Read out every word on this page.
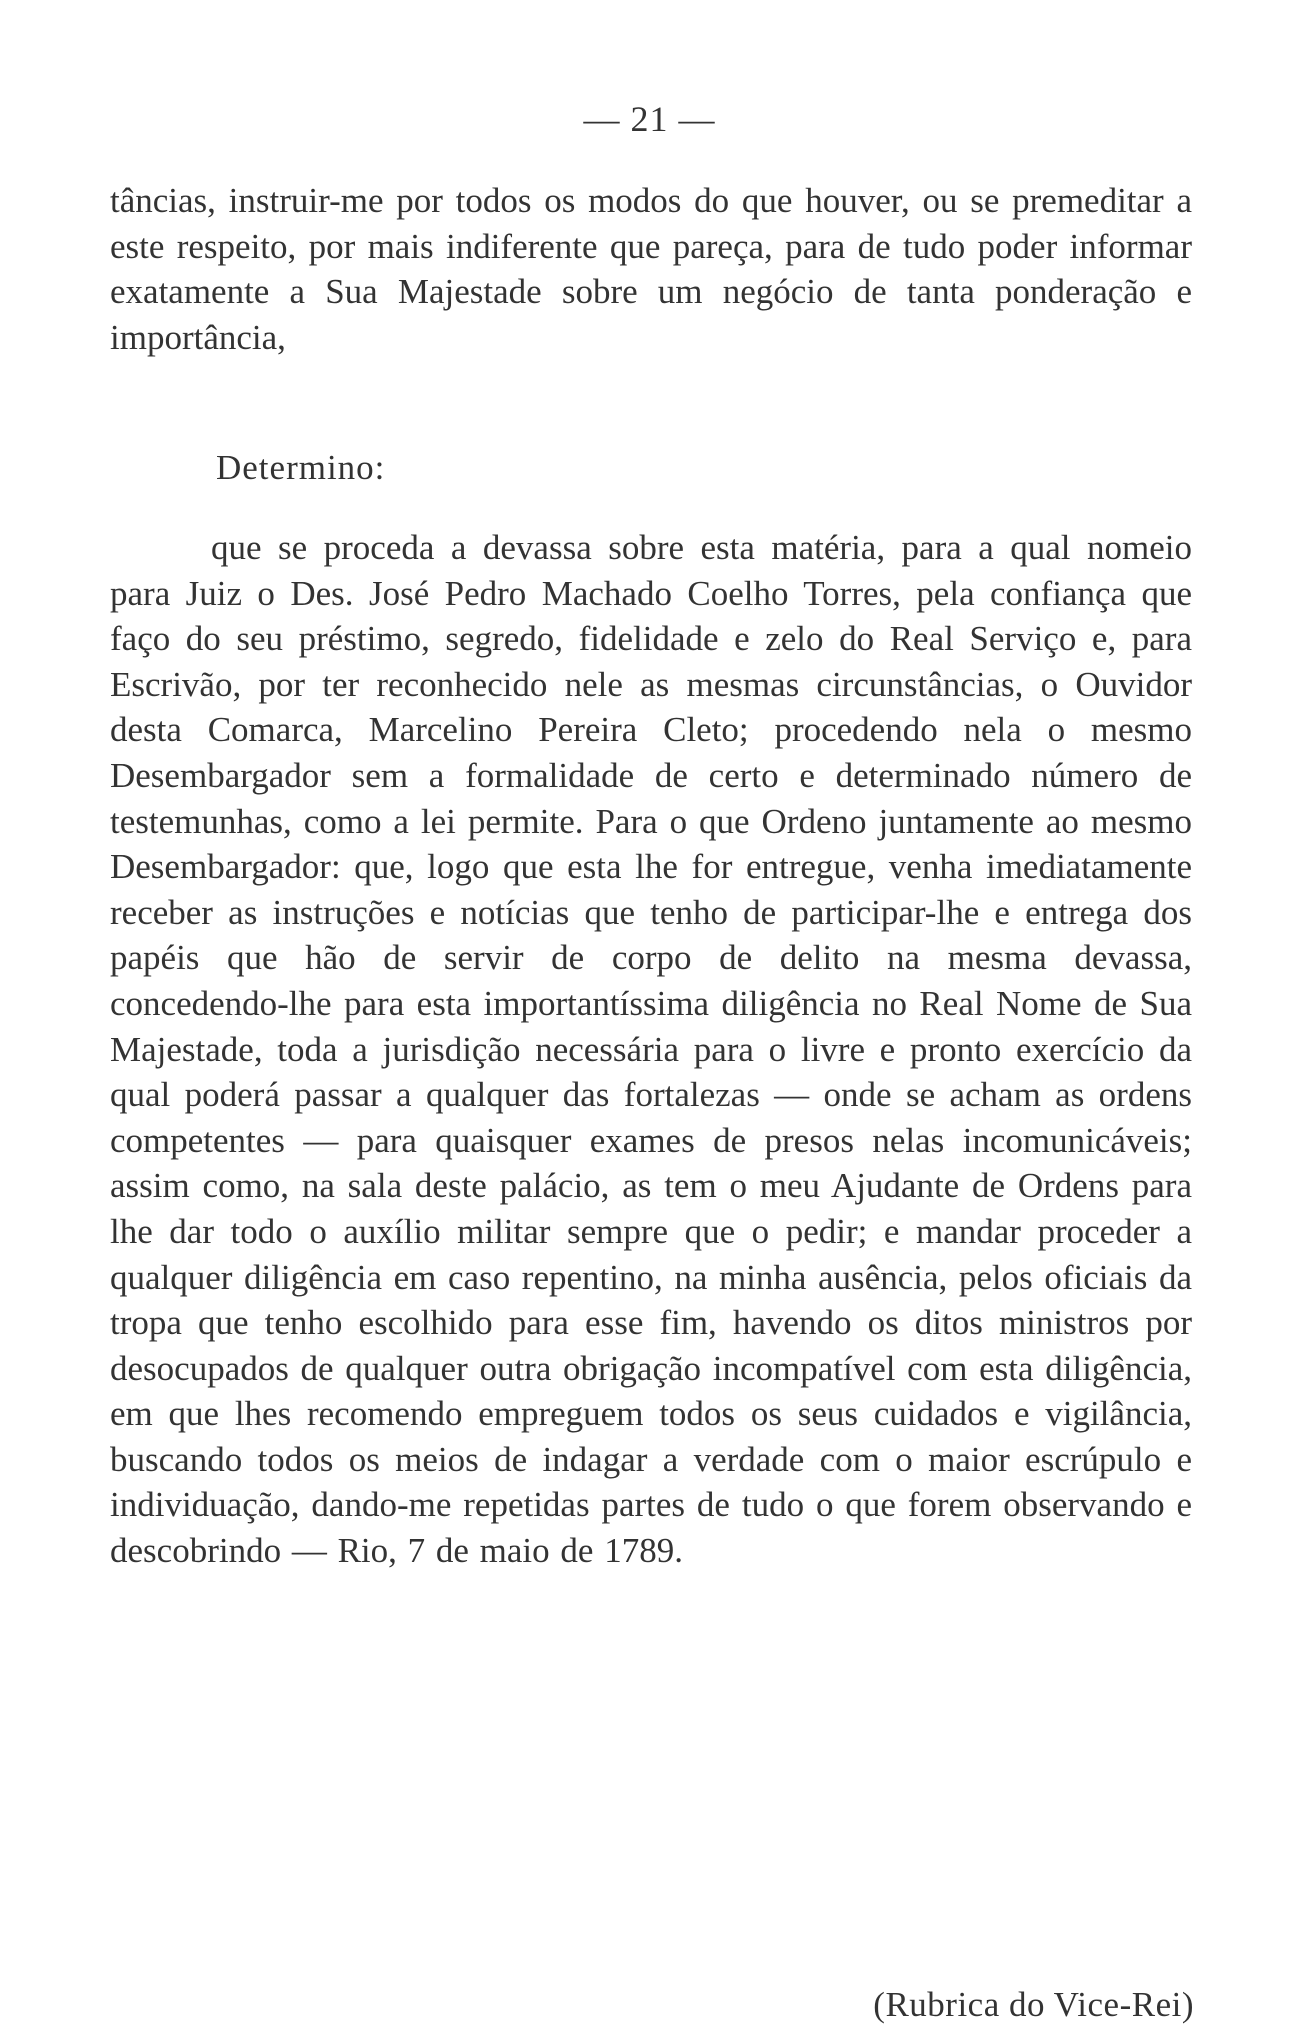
— 21 —

tâncias, instruir-me por todos os modos do que houver, ou se premeditar a este respeito, por mais indiferente que pareça, para de tudo poder informar exatamente a Sua Majestade sobre um negócio de tanta ponderação e importância,

Determino:

que se proceda a devassa sobre esta matéria, para a qual nomeio para Juiz o Des. José Pedro Machado Coelho Torres, pela confiança que faço do seu préstimo, segredo, fidelidade e zelo do Real Serviço e, para Escrivão, por ter reconhecido nele as mesmas circunstâncias, o Ouvidor desta Comarca, Marcelino Pereira Cleto; procedendo nela o mesmo Desembargador sem a formalidade de certo e determinado número de testemunhas, como a lei permite. Para o que Ordeno juntamente ao mesmo Desembargador: que, logo que esta lhe for entregue, venha imediatamente receber as instruções e notícias que tenho de participar-lhe e entrega dos papéis que hão de servir de corpo de delito na mesma devassa, concedendo-lhe para esta importantíssima diligência no Real Nome de Sua Majestade, toda a jurisdição necessária para o livre e pronto exercício da qual poderá passar a qualquer das fortalezas — onde se acham as ordens competentes — para quaisquer exames de presos nelas incomunicáveis; assim como, na sala deste palácio, as tem o meu Ajudante de Ordens para lhe dar todo o auxílio militar sempre que o pedir; e mandar proceder a qualquer diligência em caso repentino, na minha ausência, pelos oficiais da tropa que tenho escolhido para esse fim, havendo os ditos ministros por desocupados de qualquer outra obrigação incompatível com esta diligência, em que lhes recomendo empreguem todos os seus cuidados e vigilância, buscando todos os meios de indagar a verdade com o maior escrúpulo e individuação, dando-me repetidas partes de tudo o que forem observando e descobrindo — Rio, 7 de maio de 1789.

(Rubrica do Vice-Rei)
